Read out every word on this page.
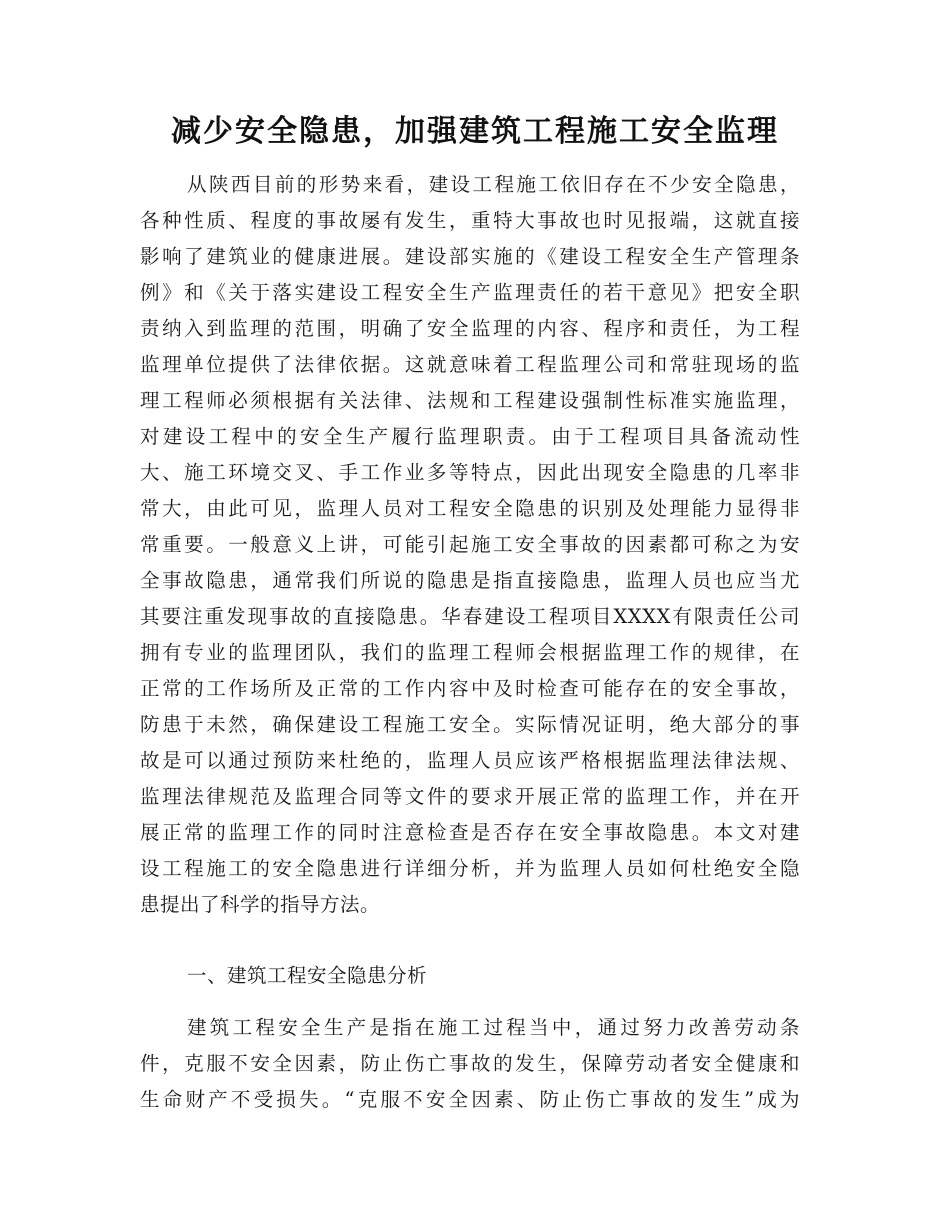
减少安全隐患，加强建筑工程施工安全监理
从陕西目前的形势来看，建设工程施工依旧存在不少安全隐患，
各种性质、程度的事故屡有发生，重特大事故也时见报端，这就直接
影响了建筑业的健康进展。建设部实施的《建设工程安全生产管理条
例》和《关于落实建设工程安全生产监理责任的若干意见》把安全职
责纳入到监理的范围，明确了安全监理的内容、程序和责任，为工程
监理单位提供了法律依据。这就意味着工程监理公司和常驻现场的监
理工程师必须根据有关法律、法规和工程建设强制性标准实施监理，
对建设工程中的安全生产履行监理职责。由于工程项目具备流动性
大、施工环境交叉、手工作业多等特点，因此出现安全隐患的几率非
常大，由此可见，监理人员对工程安全隐患的识别及处理能力显得非
常重要。一般意义上讲，可能引起施工安全事故的因素都可称之为安
全事故隐患，通常我们所说的隐患是指直接隐患，监理人员也应当尤
其要注重发现事故的直接隐患。华春建设工程项目XXXX有限责任公司
拥有专业的监理团队，我们的监理工程师会根据监理工作的规律，在
正常的工作场所及正常的工作内容中及时检查可能存在的安全事故，
防患于未然，确保建设工程施工安全。实际情况证明，绝大部分的事
故是可以通过预防来杜绝的，监理人员应该严格根据监理法律法规、
监理法律规范及监理合同等文件的要求开展正常的监理工作，并在开
展正常的监理工作的同时注意检查是否存在安全事故隐患。本文对建
设工程施工的安全隐患进行详细分析，并为监理人员如何杜绝安全隐
患提出了科学的指导方法。
一、建筑工程安全隐患分析
建筑工程安全生产是指在施工过程当中，通过努力改善劳动条
件，克服不安全因素，防止伤亡事故的发生，保障劳动者安全健康和
生命财产不受损失。“克服不安全因素、防止伤亡事故的发生”成为
